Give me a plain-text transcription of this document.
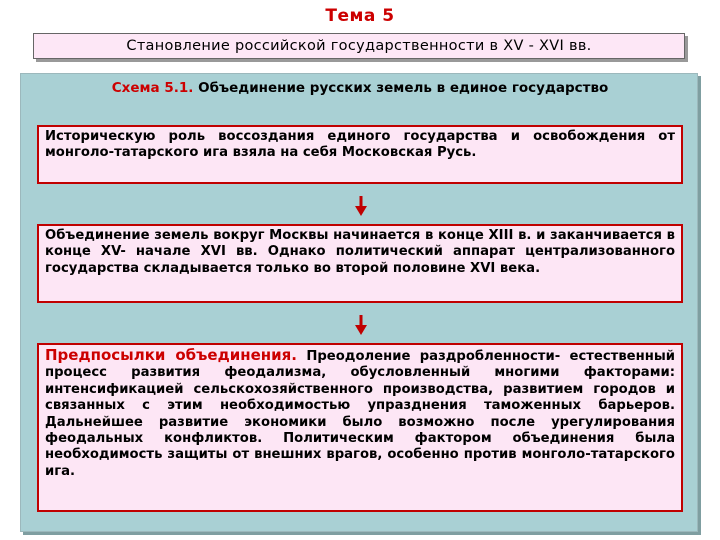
Тема 5
Становление российской государственности в XV - XVI вв.
Схема 5.1. Объединение русских земель в единое государство
Историческую роль воссоздания единого государства и освобождения от монголо-татарского ига взяла на себя Московская Русь.
Объединение земель вокруг Москвы начинается в конце XIII в. и заканчивается в конце XV- начале XVI вв. Однако политический аппарат централизованного государства складывается только во второй половине XVI века.
Предпосылки объединения. Преодоление раздробленности- естественный процесс развития феодализма, обусловленный многими факторами: интенсификацией сельскохозяйственного производства, развитием городов и связанных с этим необходимостью упразднения таможенных барьеров. Дальнейшее развитие экономики было возможно после урегулирования феодальных конфликтов. Политическим фактором объединения была необходимость защиты от внешних врагов, особенно против монголо-татарского ига.
